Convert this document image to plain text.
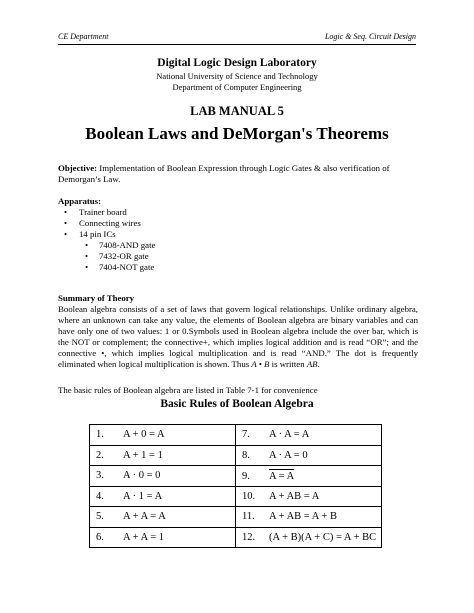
CE Department	Logic & Seq. Circuit Design
Digital Logic Design Laboratory
National University of Science and Technology
Department of Computer Engineering
LAB MANUAL 5
Boolean Laws and DeMorgan's Theorems
Objective: Implementation of Boolean Expression through Logic Gates & also verification of Demorgan’s Law.
Apparatus:
• Trainer board
• Connecting wires
• 14 pin ICs
• 7408-AND gate
• 7432-OR gate
• 7404-NOT gate
Summary of Theory
Boolean algebra consists of a set of laws that govern logical relationships. Unlike ordinary algebra, where an unknown can take any value, the elements of Boolean algebra are binary variables and can have only one of two values: 1 or 0.Symbols used in Boolean algebra include the over bar, which is the NOT or complement; the connective+, which implies logical addition and is read “OR”; and the connective •, which implies logical multiplication and is read “AND.” The dot is frequently eliminated when logical multiplication is shown. Thus A • B is written AB.
The basic rules of Boolean algebra are listed in Table 7-1 for convenience
Basic Rules of Boolean Algebra
1. A + 0 = A	7. A · A = A
2. A + 1 = 1	8. A · A = 0
3. A · 0 = 0	9. A = A
4. A · 1 = A	10. A + AB = A
5. A + A = A	11. A + AB = A + B
6. A + A = 1	12. (A + B)(A + C) = A + BC
